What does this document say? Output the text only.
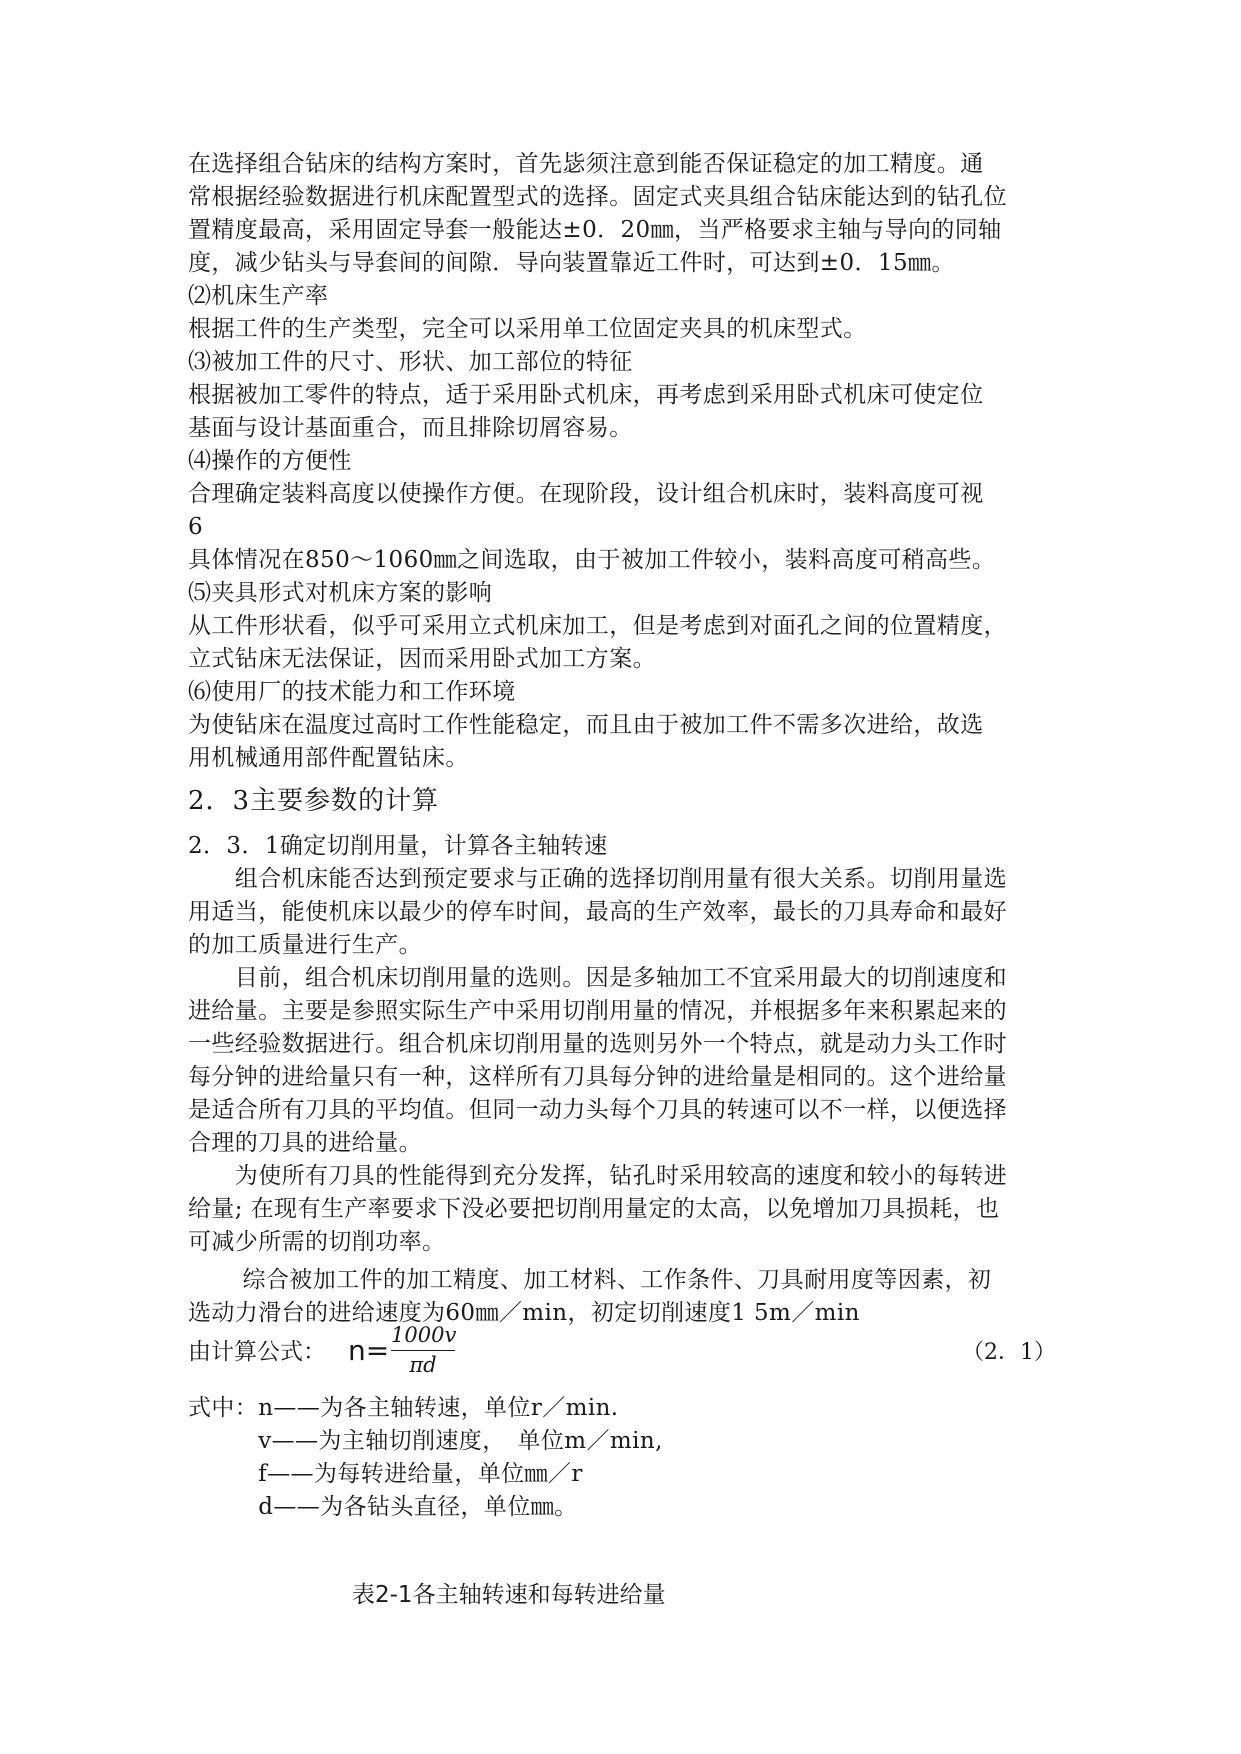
在选择组合钻床的结构方案时，首先毖须注意到能否保证稳定的加工精度。通
常根据经验数据进行机床配置型式的选择。固定式夹具组合钻床能达到的钻孔位
置精度最高，采用固定导套一般能达±0．20㎜，当严格要求主轴与导向的同轴
度，减少钻头与导套间的间隙．导向装置靠近工件时，可达到±0．15㎜。
⑵机床生产率
根据工件的生产类型，完全可以采用单工位固定夹具的机床型式。
⑶被加工件的尺寸、形状、加工部位的特征
根据被加工零件的特点，适于采用卧式机床，再考虑到采用卧式机床可使定位
基面与设计基面重合，而且排除切屑容易。
⑷操作的方便性
合理确定装料高度以使操作方便。在现阶段，设计组合机床时，装料高度可视
6
具体情况在850～1060㎜之间选取，由于被加工件较小，装料高度可稍高些。
⑸夹具形式对机床方案的影响
从工件形状看，似乎可采用立式机床加工，但是考虑到对面孔之间的位置精度，
立式钻床无法保证，因而采用卧式加工方案。
⑹使用厂的技术能力和工作环境
为使钻床在温度过高时工作性能稳定，而且由于被加工件不需多次进给，故选
用机械通用部件配置钻床。
2．3主要参数的计算
2．3．1确定切削用量，计算各主轴转速
　　组合机床能否达到预定要求与正确的选择切削用量有很大关系。切削用量选
用适当，能使机床以最少的停车时间，最高的生产效率，最长的刀具寿命和最好
的加工质量进行生产。
　　目前，组合机床切削用量的选则。因是多轴加工不宜采用最大的切削速度和
进给量。主要是参照实际生产中采用切削用量的情况，并根据多年来积累起来的
一些经验数据进行。组合机床切削用量的选则另外一个特点，就是动力头工作时
每分钟的进给量只有一种，这样所有刀具每分钟的进给量是相同的。这个进给量
是适合所有刀具的平均值。但同一动力头每个刀具的转速可以不一样，以便选择
合理的刀具的进给量。
　　为使所有刀具的性能得到充分发挥，钻孔时采用较高的速度和较小的每转进
给量; 在现有生产率要求下没必要把切削用量定的太高，以免增加刀具损耗，也
可减少所需的切削功率。
　　 综合被加工件的加工精度、加工材料、工作条件、刀具耐用度等因素，初
选动力滑台的进给速度为60㎜／min，初定切削速度1 5m／min
由计算公式： $n= \frac{1000v}{\pi d}$	（2．1）
式中：n——为各主轴转速，单位r／min.
　　　v——为主轴切削速度，　单位m／min,
　　　f——为每转进给量，单位㎜／r
　　　d——为各钻头直径，单位㎜。
表2-1各主轴转速和每转进给量
